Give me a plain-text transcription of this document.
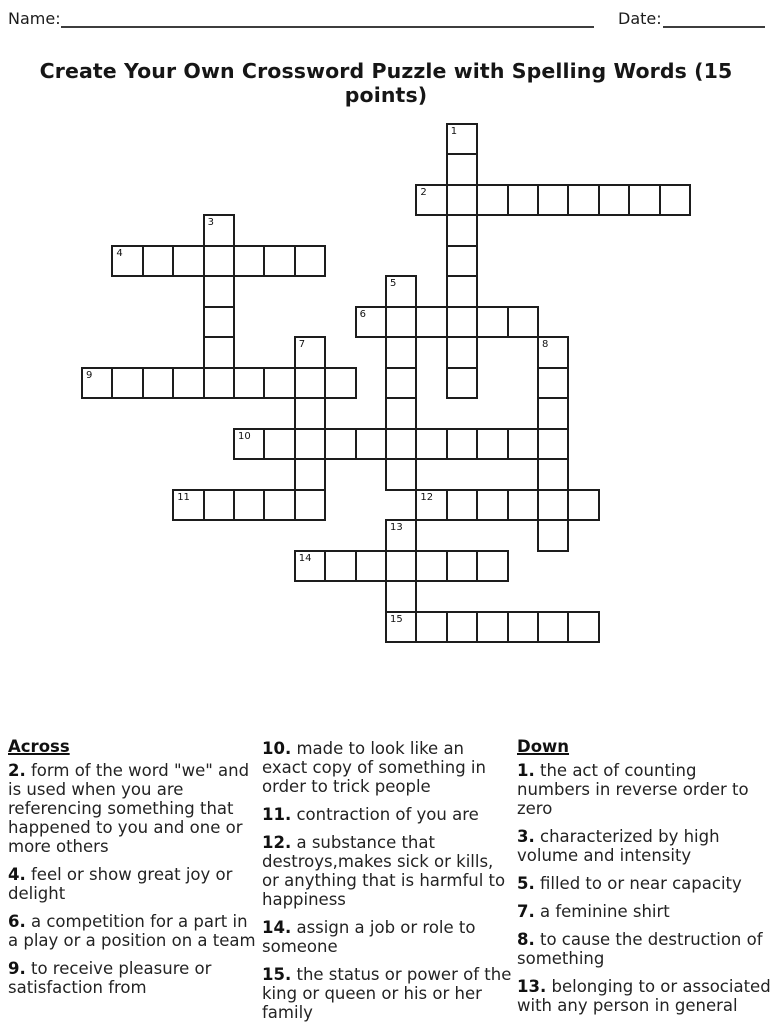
Name:	Date:
Create Your Own Crossword Puzzle with Spelling Words (15 points)
1
2
3
4
5
6
7	8
9
10
11	12
13
15
14
Across
2. form of the word "we" and is used when you are referencing something that happened to you and one or more others
4. feel or show great joy or delight
6. a competition for a part in a play or a position on a team
9. to receive pleasure or satisfaction from
10. made to look like an exact copy of something in order to trick people
11. contraction of you are
12. a substance that destroys,makes sick or kills, or anything that is harmful to happiness
14. assign a job or role to someone
15. the status or power of the king or queen or his or her family
Down
1. the act of counting numbers in reverse order to zero
3. characterized by high volume and intensity
5. filled to or near capacity
7. a feminine shirt
8. to cause the destruction of something
13. belonging to or associated with any person in general
